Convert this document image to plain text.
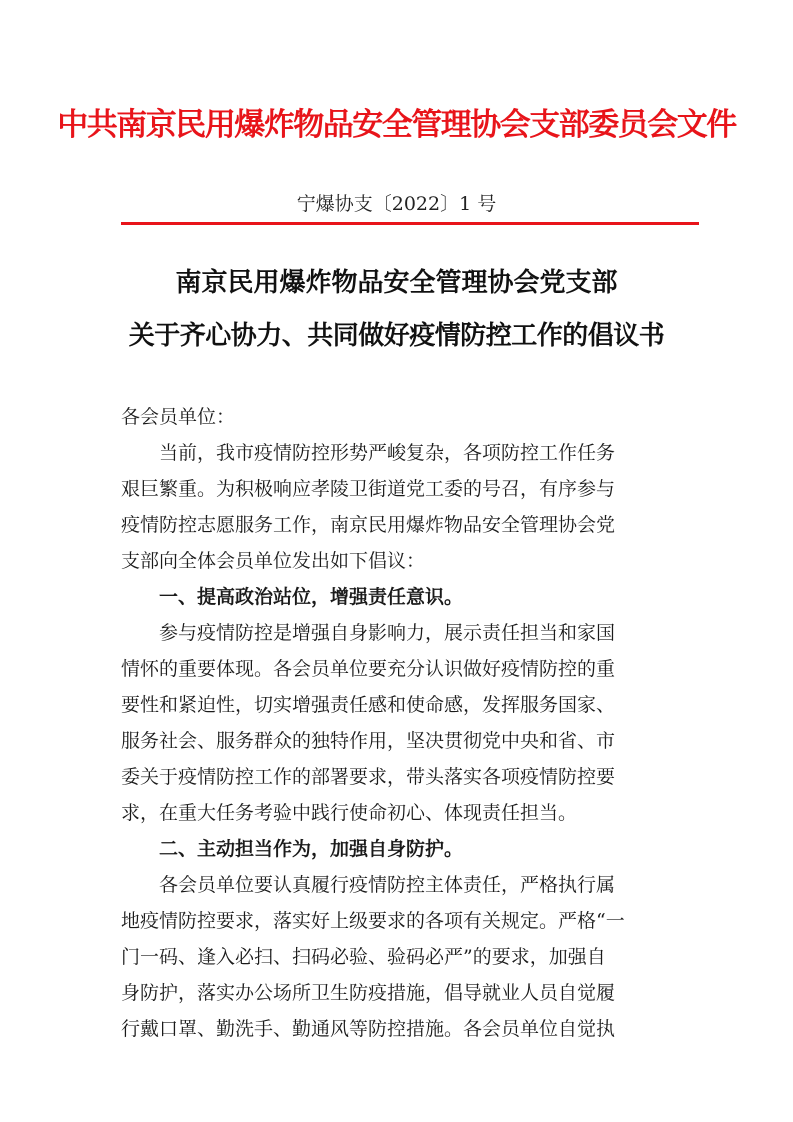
中共南京民用爆炸物品安全管理协会支部委员会文件
宁爆协支〔2022〕1 号
南京民用爆炸物品安全管理协会党支部
关于齐心协力、共同做好疫情防控工作的倡议书
各会员单位：
　　当前，我市疫情防控形势严峻复杂，各项防控工作任务
艰巨繁重。为积极响应孝陵卫街道党工委的号召，有序参与
疫情防控志愿服务工作，南京民用爆炸物品安全管理协会党
支部向全体会员单位发出如下倡议：
　　一、提高政治站位，增强责任意识。
　　参与疫情防控是增强自身影响力，展示责任担当和家国
情怀的重要体现。各会员单位要充分认识做好疫情防控的重
要性和紧迫性，切实增强责任感和使命感，发挥服务国家、
服务社会、服务群众的独特作用，坚决贯彻党中央和省、市
委关于疫情防控工作的部署要求，带头落实各项疫情防控要
求，在重大任务考验中践行使命初心、体现责任担当。
　　二、主动担当作为，加强自身防护。
　　各会员单位要认真履行疫情防控主体责任，严格执行属
地疫情防控要求，落实好上级要求的各项有关规定。严格“一
门一码、逢入必扫、扫码必验、验码必严”的要求，加强自
身防护，落实办公场所卫生防疫措施，倡导就业人员自觉履
行戴口罩、勤洗手、勤通风等防控措施。各会员单位自觉执
